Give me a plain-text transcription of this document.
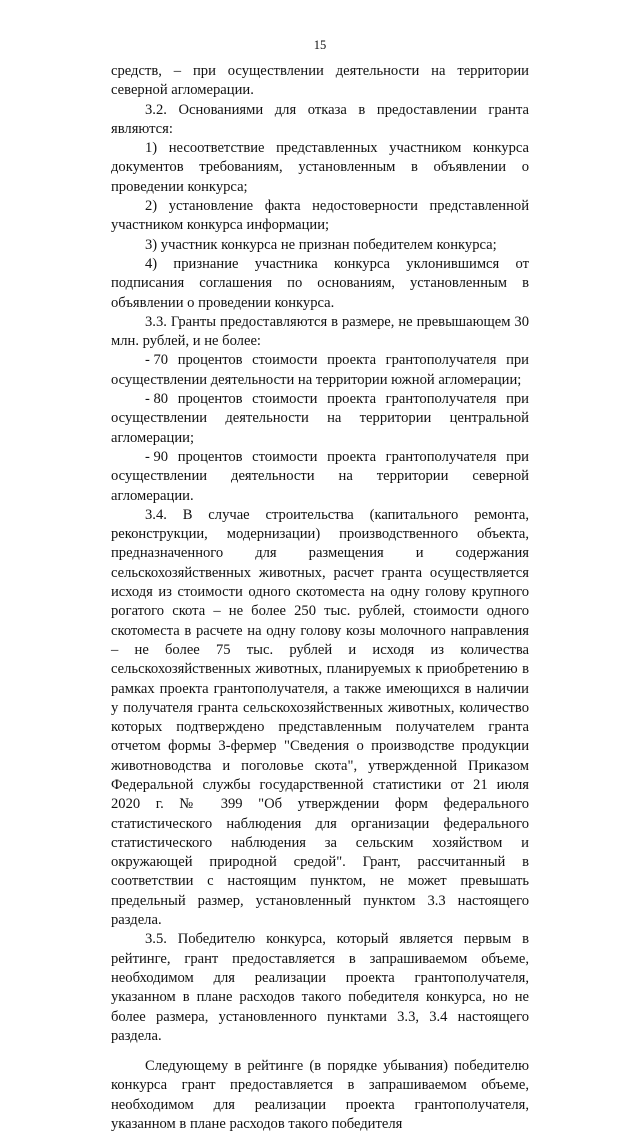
15

средств, – при осуществлении деятельности на территории северной агломерации.

3.2. Основаниями для отказа в предоставлении гранта являются:

1) несоответствие представленных участником конкурса документов требованиям, установленным в объявлении о проведении конкурса;

2) установление факта недостоверности представленной участником конкурса информации;

3) участник конкурса не признан победителем конкурса;

4) признание участника конкурса уклонившимся от подписания соглашения по основаниям, установленным в объявлении о проведении конкурса.

3.3. Гранты предоставляются в размере, не превышающем 30 млн. рублей, и не более:

- 70 процентов стоимости проекта грантополучателя при

осуществлении деятельности на территории южной агломерации;

- 80 процентов стоимости проекта грантополучателя при

осуществлении деятельности на территории центральной агломерации;

- 90 процентов стоимости проекта грантополучателя при

осуществлении деятельности на территории северной агломерации.

3.4. В случае строительства (капитального ремонта, реконструкции, модернизации) производственного объекта, предназначенного для размещения и содержания сельскохозяйственных животных, расчет гранта осуществляется исходя из стоимости одного скотоместа на одну голову крупного рогатого скота – не более 250 тыс. рублей, стоимости одного скотоместа в расчете на одну голову козы молочного направления – не более 75 тыс. рублей и исходя из количества сельскохозяйственных животных, планируемых к приобретению в рамках проекта грантополучателя, а также имеющихся в наличии у получателя гранта сельскохозяйственных животных, количество которых подтверждено представленным получателем гранта отчетом формы 3-фермер "Сведения о производстве продукции животноводства и поголовье скота", утвержденной Приказом Федеральной службы государственной статистики от 21 июля 2020 г. № 399 "Об утверждении форм федерального статистического наблюдения для организации федерального статистического наблюдения за сельским хозяйством и окружающей природной средой". Грант, рассчитанный в соответствии с настоящим пунктом, не может превышать предельный размер, установленный пунктом 3.3 настоящего раздела.

3.5. Победителю конкурса, который является первым в рейтинге, грант предоставляется в запрашиваемом объеме, необходимом для реализации проекта грантополучателя, указанном в плане расходов такого победителя конкурса, но не более размера, установленного пунктами 3.3, 3.4 настоящего раздела.

Следующему в рейтинге (в порядке убывания) победителю конкурса грант предоставляется в запрашиваемом объеме, необходимом для реализации проекта грантополучателя, указанном в плане расходов такого победителя
